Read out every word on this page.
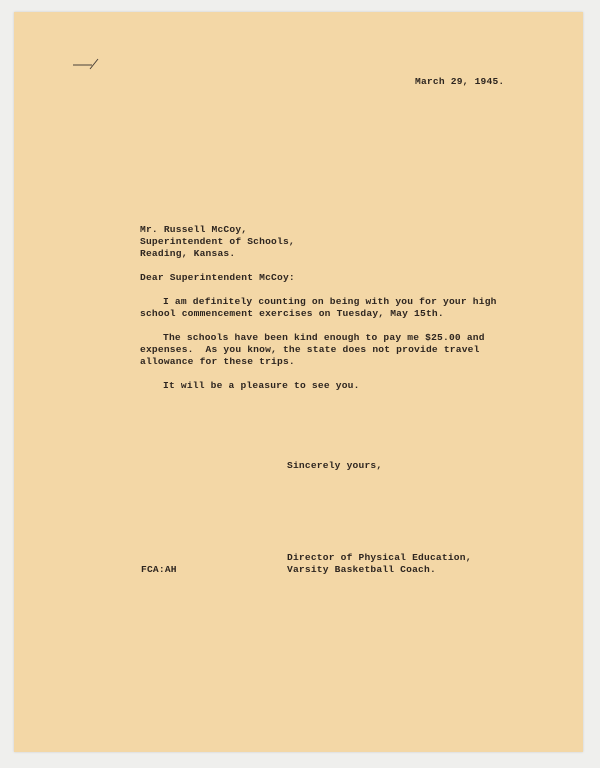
March 29, 1945.
Mr. Russell McCoy,
Superintendent of Schools,
Reading, Kansas.
Dear Superintendent McCoy:
I am definitely counting on being with you for your high
school commencement exercises on Tuesday, May 15th.
The schools have been kind enough to pay me $25.00 and
expenses.  As you know, the state does not provide travel
allowance for these trips.
It will be a pleasure to see you.
Sincerely yours,
Director of Physical Education,
Varsity Basketball Coach.
FCA:AH
